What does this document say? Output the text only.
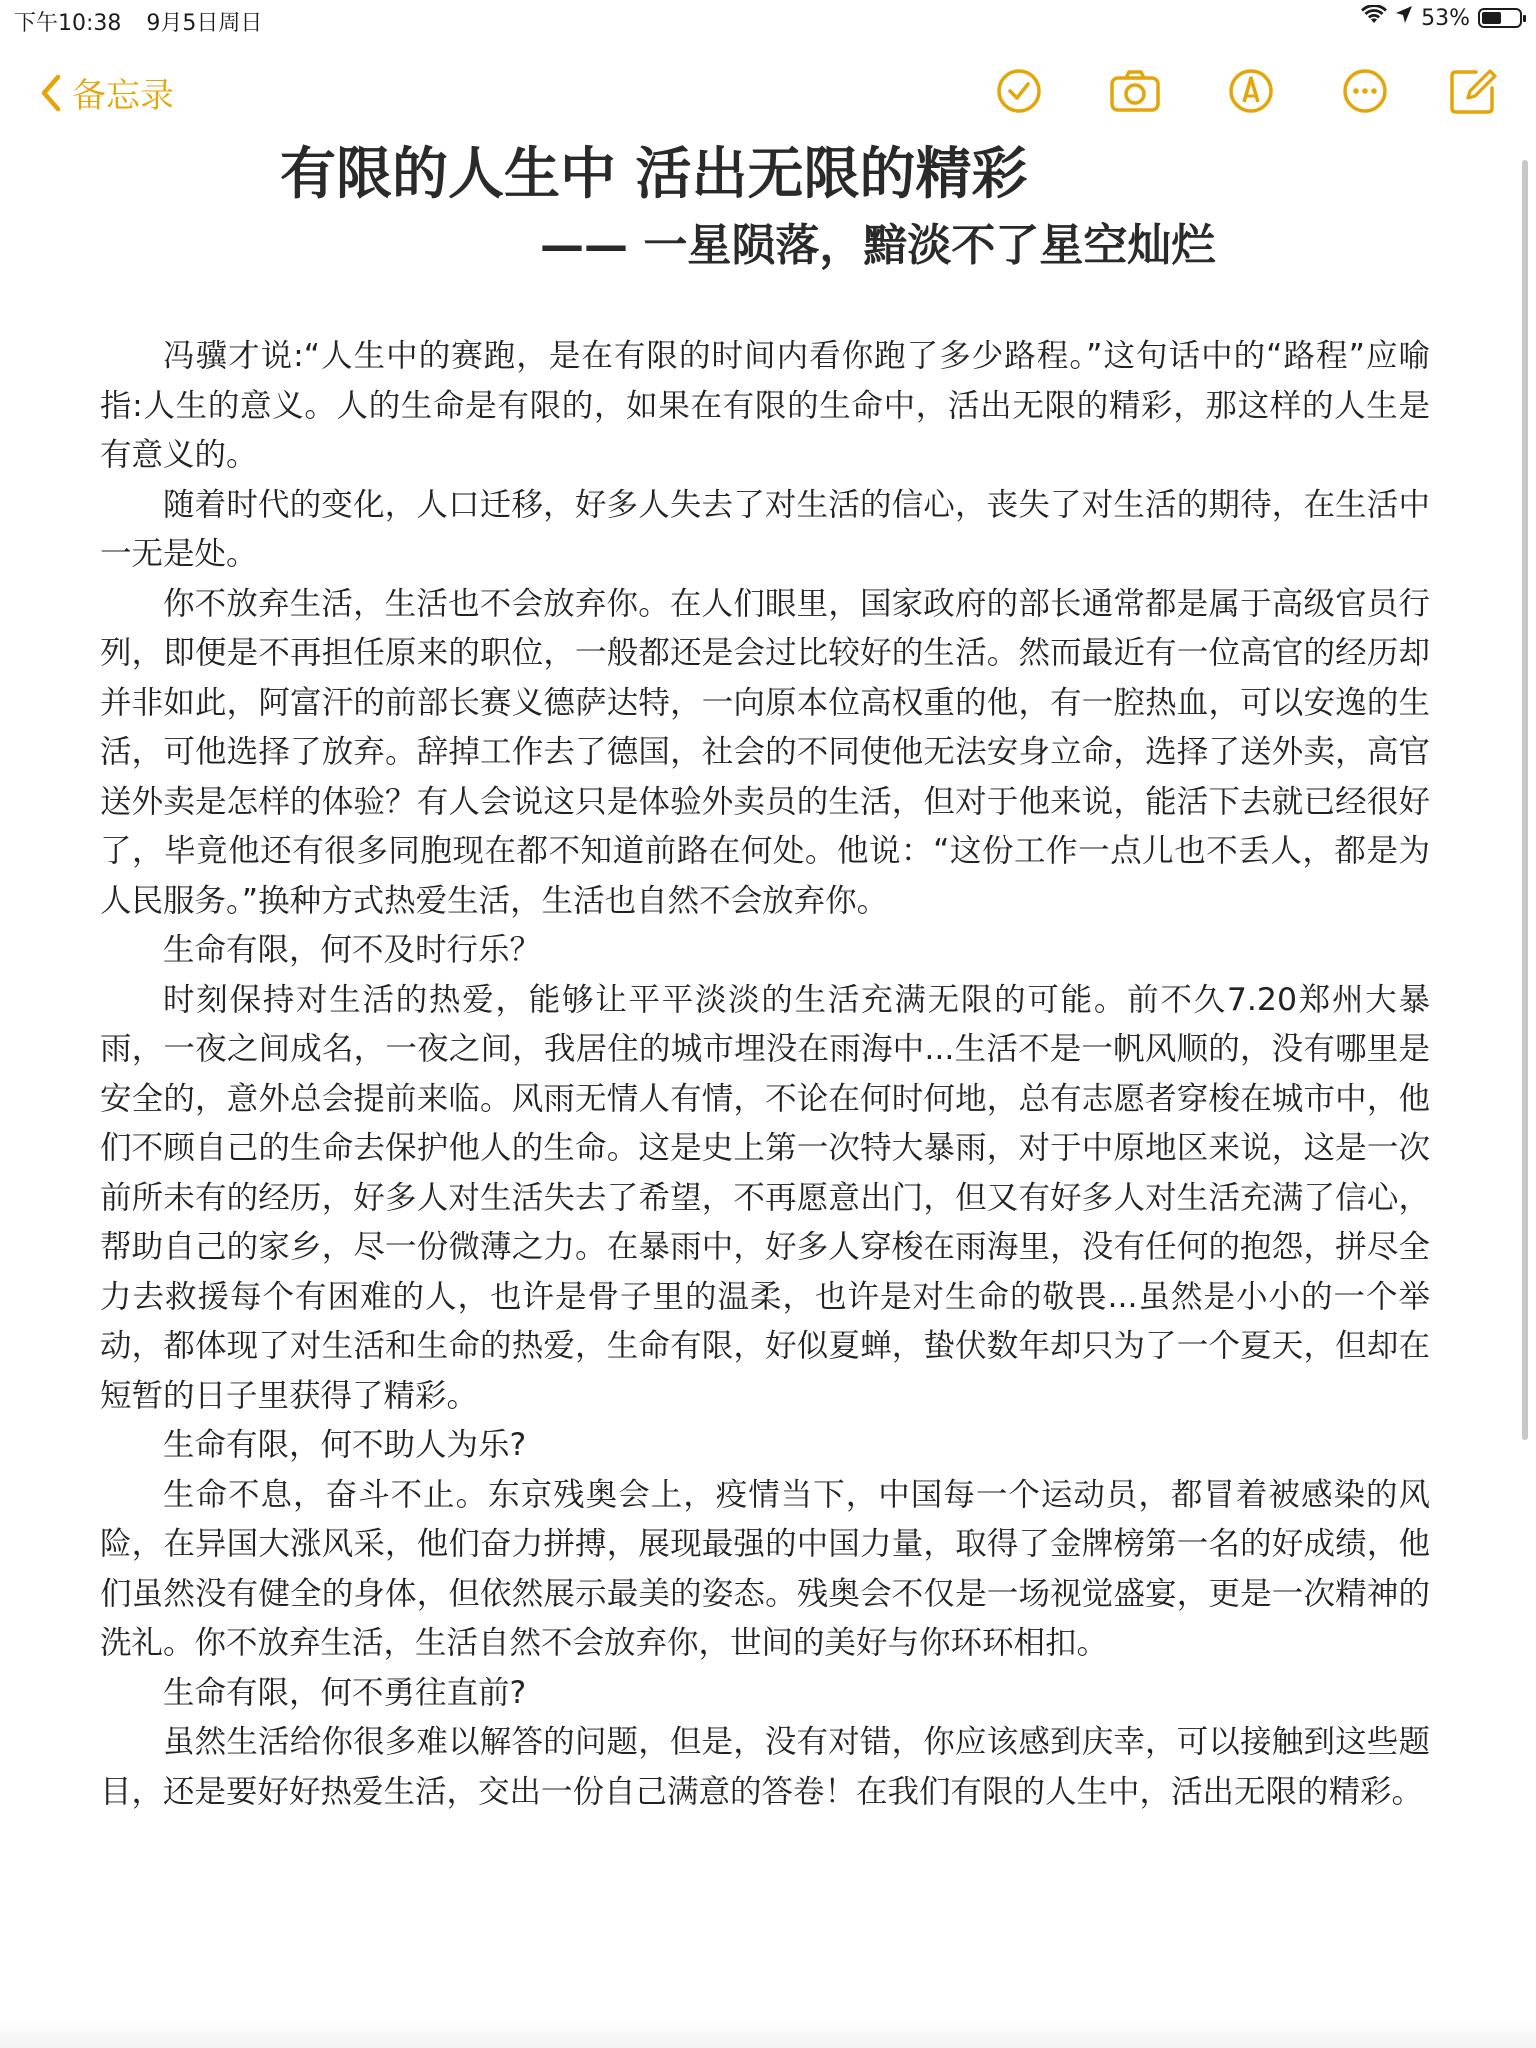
下午10:38 9月5日周日	53%
备忘录
有限的人生中 活出无限的精彩
—— 一星陨落，黯淡不了星空灿烂

冯骥才说:“人生中的赛跑，是在有限的时间内看你跑了多少路程。”这句话中的“路程”应喻指:人生的意义。人的生命是有限的，如果在有限的生命中，活出无限的精彩，那这样的人生是有意义的。

随着时代的变化，人口迁移，好多人失去了对生活的信心，丧失了对生活的期待，在生活中一无是处。

你不放弃生活，生活也不会放弃你。在人们眼里，国家政府的部长通常都是属于高级官员行列，即便是不再担任原来的职位，一般都还是会过比较好的生活。然而最近有一位高官的经历却并非如此，阿富汗的前部长赛义德萨达特，一向原本位高权重的他，有一腔热血，可以安逸的生活，可他选择了放弃。辞掉工作去了德国，社会的不同使他无法安身立命，选择了送外卖，高官送外卖是怎样的体验？有人会说这只是体验外卖员的生活，但对于他来说，能活下去就已经很好了，毕竟他还有很多同胞现在都不知道前路在何处。他说：“这份工作一点儿也不丢人，都是为人民服务。”换种方式热爱生活，生活也自然不会放弃你。

生命有限，何不及时行乐？

时刻保持对生活的热爱，能够让平平淡淡的生活充满无限的可能。前不久7.20郑州大暴雨，一夜之间成名，一夜之间，我居住的城市埋没在雨海中...生活不是一帆风顺的，没有哪里是安全的，意外总会提前来临。风雨无情人有情，不论在何时何地，总有志愿者穿梭在城市中，他们不顾自己的生命去保护他人的生命。这是史上第一次特大暴雨，对于中原地区来说，这是一次前所未有的经历，好多人对生活失去了希望，不再愿意出门，但又有好多人对生活充满了信心，帮助自己的家乡，尽一份微薄之力。在暴雨中，好多人穿梭在雨海里，没有任何的抱怨，拼尽全力去救援每个有困难的人，也许是骨子里的温柔，也许是对生命的敬畏...虽然是小小的一个举动，都体现了对生活和生命的热爱，生命有限，好似夏蝉，蛰伏数年却只为了一个夏天，但却在短暂的日子里获得了精彩。

生命有限，何不助人为乐?

生命不息，奋斗不止。东京残奥会上，疫情当下，中国每一个运动员，都冒着被感染的风险，在异国大涨风采，他们奋力拼搏，展现最强的中国力量，取得了金牌榜第一名的好成绩，他们虽然没有健全的身体，但依然展示最美的姿态。残奥会不仅是一场视觉盛宴，更是一次精神的洗礼。你不放弃生活，生活自然不会放弃你，世间的美好与你环环相扣。

生命有限，何不勇往直前?

虽然生活给你很多难以解答的问题，但是，没有对错，你应该感到庆幸，可以接触到这些题目，还是要好好热爱生活，交出一份自己满意的答卷！在我们有限的人生中，活出无限的精彩。
